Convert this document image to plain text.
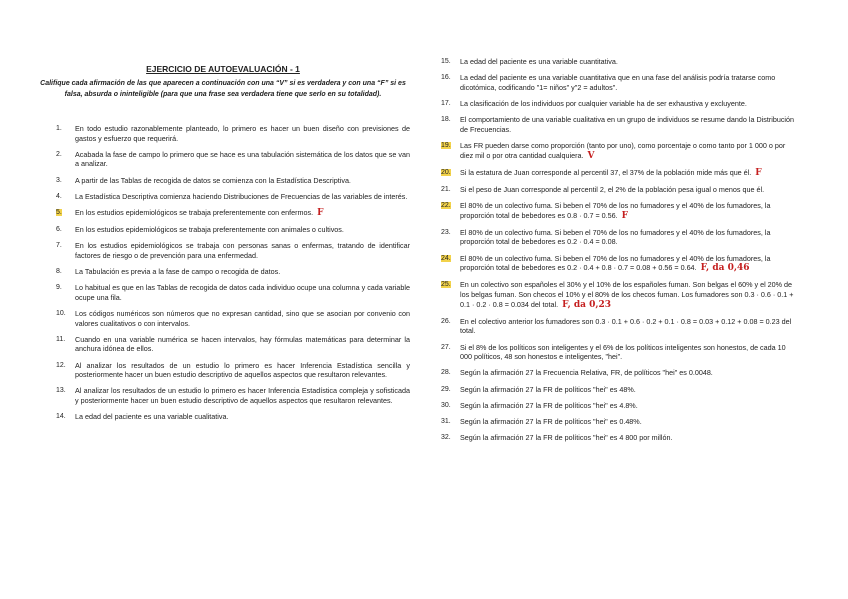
EJERCICIO DE AUTOEVALUACIÓN - 1
Califique cada afirmación de las que aparecen a continuación con una “V” si es verdadera y con una “F” si es falsa, absurda o ininteligible (para que una frase sea verdadera tiene que serlo en su totalidad).
1.	En todo estudio razonablemente planteado, lo primero es hacer un buen diseño con previsiones de gastos y esfuerzo que requerirá.
2.	Acabada la fase de campo lo primero que se hace es una tabulación sistemática de los datos que se van a analizar.
3.	A partir de las Tablas de recogida de datos se comienza con la Estadística Descriptiva.
4.	La Estadística Descriptiva comienza haciendo Distribuciones de Frecuencias de las variables de interés.
5.	En los estudios epidemiológicos se trabaja preferentemente con enfermos. F
6.	En los estudios epidemiológicos se trabaja preferentemente con animales o cultivos.
7.	En los estudios epidemiológicos se trabaja con personas sanas o enfermas, tratando de identificar factores de riesgo o de prevención para una enfermedad.
8.	La Tabulación es previa a la fase de campo o recogida de datos.
9.	Lo habitual es que en las Tablas de recogida de datos cada individuo ocupe una columna y cada variable ocupe una fila.
10.	Los códigos numéricos son números que no expresan cantidad, sino que se asocian por convenio con valores cualitativos o con intervalos.
11.	Cuando en una variable numérica se hacen intervalos, hay fórmulas matemáticas para determinar la anchura idónea de ellos.
12.	Al analizar los resultados de un estudio lo primero es hacer Inferencia Estadística sencilla y posteriormente hacer un buen estudio descriptivo de aquellos aspectos que resultaron relevantes.
13.	Al analizar los resultados de un estudio lo primero es hacer Inferencia Estadística compleja y sofisticada y posteriormente hacer un buen estudio descriptivo de aquellos aspectos que resultaron relevantes.
14.	La edad del paciente es una variable cualitativa.
15.	La edad del paciente es una variable cuantitativa.
16.	La edad del paciente es una variable cuantitativa que en una fase del análisis podría tratarse como dicotómica, codificando "1= niños" y"2 = adultos".
17.	La clasificación de los individuos por cualquier variable ha de ser exhaustiva y excluyente.
18.	El comportamiento de una variable cualitativa en un grupo de individuos se resume dando la Distribución de Frecuencias.
19.	Las FR pueden darse como proporción (tanto por uno), como porcentaje o como tanto por 1 000 o por diez mil o por otra cantidad cualquiera. V
20.	Si la estatura de Juan corresponde al percentil 37, el 37% de la población mide más que él. F
21.	Si el peso de Juan corresponde al percentil 2, el 2% de la población pesa igual o menos que él.
22.	El 80% de un colectivo fuma. Si beben el 70% de los no fumadores y el 40% de los fumadores, la proporción total de bebedores es 0.8 · 0.7 = 0.56. F
23.	El 80% de un colectivo fuma. Si beben el 70% de los no fumadores y el 40% de los fumadores, la proporción total de bebedores es 0.2 · 0.4 = 0.08.
24.	El 80% de un colectivo fuma. Si beben el 70% de los no fumadores y el 40% de los fumadores, la proporción total de bebedores es 0.2 · 0.4 + 0.8 · 0.7 = 0.08 + 0.56 = 0.64. F, da 0,46
25.	En un colectivo son españoles el 30% y el 10% de los españoles fuman. Son belgas el 60% y el 20% de los belgas fuman. Son checos el 10% y el 80% de los checos fuman. Los fumadores son 0.3 · 0.6 · 0.1 + 0.1 · 0.2 · 0.8 = 0.034 del total. F, da 0,23
26.	En el colectivo anterior los fumadores son 0.3 · 0.1 + 0.6 · 0.2 + 0.1 · 0.8 = 0.03 + 0.12 + 0.08 = 0.23 del total.
27.	Si el 8% de los políticos son inteligentes y el 6% de los políticos inteligentes son honestos, de cada 10 000 políticos, 48 son honestos e inteligentes, "hei".
28.	Según la afirmación 27 la Frecuencia Relativa, FR, de políticos "hei" es 0.0048.
29.	Según la afirmación 27 la FR de políticos "hei" es 48%.
30.	Según la afirmación 27 la FR de políticos "hei" es 4.8%.
31.	Según la afirmación 27 la FR de políticos "hei" es 0.48%.
32.	Según la afirmación 27 la FR de políticos "hei" es 4 800 por millón.
